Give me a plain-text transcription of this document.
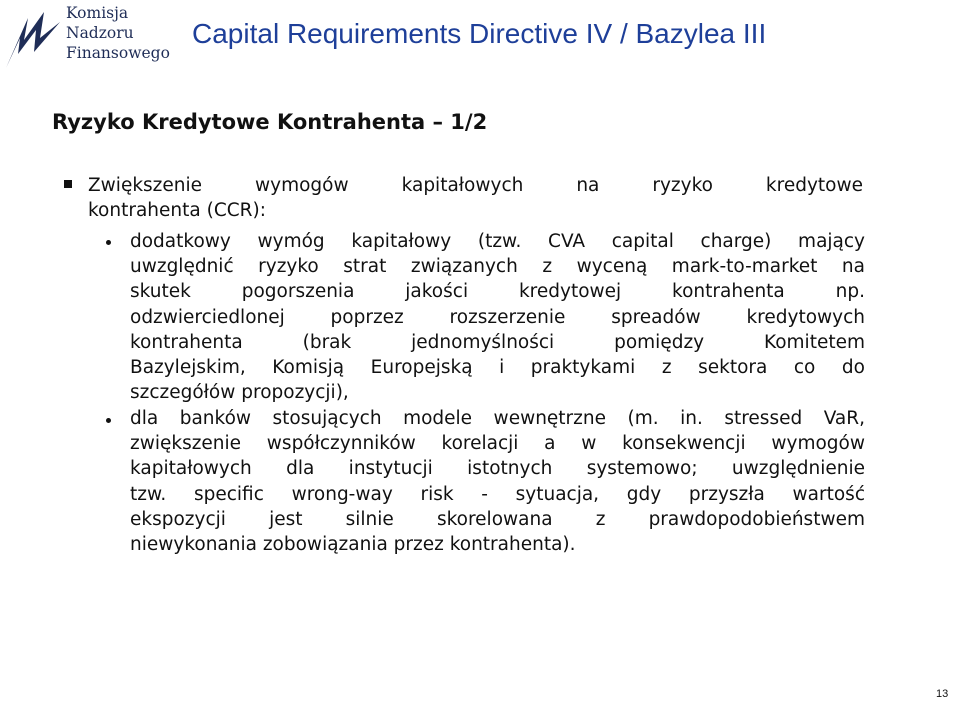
Komisja
Nadzoru
Finansowego
Capital Requirements Directive IV / Bazylea III
Ryzyko Kredytowe Kontrahenta – 1/2
Zwiększenie wymogów kapitałowych na ryzyko kredytowe
kontrahenta (CCR):
dodatkowy wymóg kapitałowy (tzw. CVA capital charge) mający
uwzględnić ryzyko strat związanych z wyceną mark-to-market na
skutek pogorszenia jakości kredytowej kontrahenta np.
odzwierciedlonej poprzez rozszerzenie spreadów kredytowych
kontrahenta (brak jednomyślności pomiędzy Komitetem
Bazylejskim, Komisją Europejską i praktykami z sektora co do
szczegółów propozycji),
dla banków stosujących modele wewnętrzne (m. in. stressed VaR,
zwiększenie współczynników korelacji a w konsekwencji wymogów
kapitałowych dla instytucji istotnych systemowo; uwzględnienie
tzw. specific wrong-way risk - sytuacja, gdy przyszła wartość
ekspozycji jest silnie skorelowana z prawdopodobieństwem
niewykonania zobowiązania przez kontrahenta).
13
